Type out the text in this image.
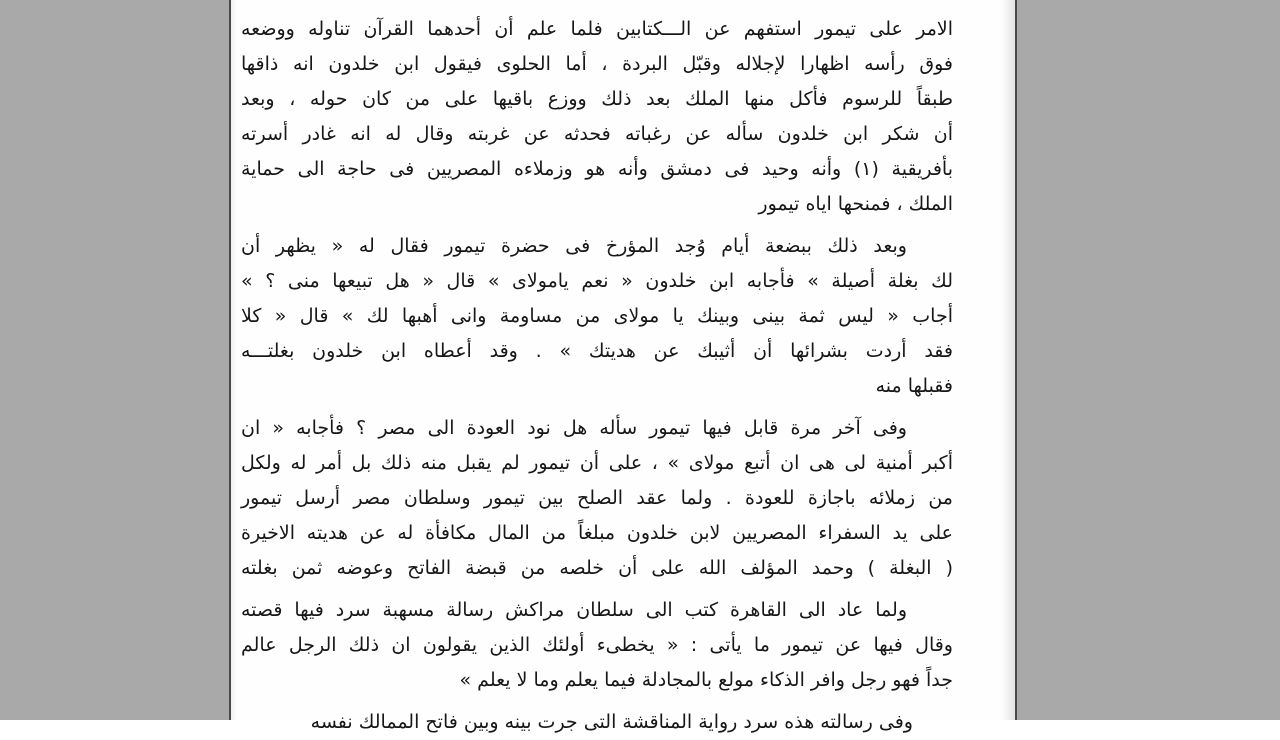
الامر على تيمور استفهم عن الـــكتابين فلما علم أن أحدهما القرآن تناوله ووضعه
فوق رأسه اظهارا لإجلاله وقبّل البردة ، أما الحلوى فيقول ابن خلدون انه ذاقها
طبقاً للرسوم فأكل منها الملك بعد ذلك ووزع باقيها على من كان حوله ، وبعد
أن شكر ابن خلدون سأله عن رغباته فحدثه عن غربته وقال له انه غادر أسرته
بأفريقية (١) وأنه وحيد فى دمشق وأنه هو وزملاءه المصريين فى حاجة الى حماية
الملك ، فمنحها اياه تيمور
وبعد ذلك ببضعة أيام وُجد المؤرخ فى حضرة تيمور فقال له « يظهر أن
لك بغلة أصيلة » فأجابه ابن خلدون « نعم يامولاى » قال « هل تبيعها منى ؟ »
أجاب « ليس ثمة بينى وبينك يا مولاى من مساومة وانى أهبها لك » قال « كلا
فقد أردت بشرائها أن أثيبك عن هديتك » . وقد أعطاه ابن خلدون بغلتـــه
فقبلها منه
وفى آخر مرة قابل فيها تيمور سأله هل نود العودة الى مصر ؟ فأجابه « ان
أكبر أمنية لى هى ان أتبع مولاى » ، على أن تيمور لم يقبل منه ذلك بل أمر له ولكل
من زملائه باجازة للعودة . ولما عقد الصلح بين تيمور وسلطان مصر أرسل تيمور
على يد السفراء المصريين لابن خلدون مبلغاً من المال مكافأة له عن هديته الاخيرة
( البغلة ) وحمد المؤلف الله على أن خلصه من قبضة الفاتح وعوضه ثمن بغلته
ولما عاد الى القاهرة كتب الى سلطان مراكش رسالة مسهبة سرد فيها قصته
وقال فيها عن تيمور ما يأتى : « يخطىء أولئك الذين يقولون ان ذلك الرجل عالم
جداً فهو رجل وافر الذكاء مولع بالمجادلة فيما يعلم وما لا يعلم »
وفى رسالته هذه سرد رواية المناقشة التى جرت بينه وبين فاتح الممالك نفسه
